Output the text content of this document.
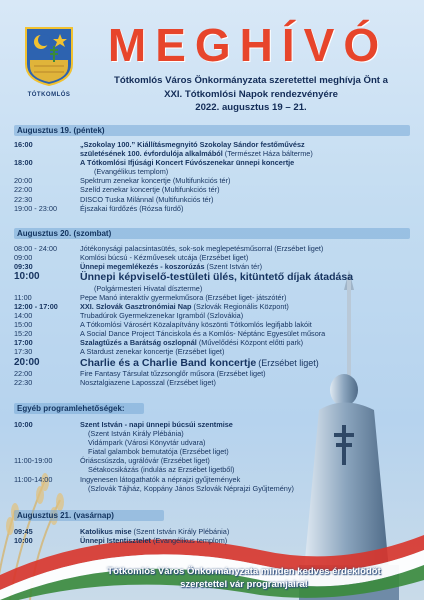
TÓTKOMLÓS
MEGHÍVÓ
Tótkomlós Város Önkormányzata szeretettel meghívja Önt a
XXI. Tótkomlósi Napok rendezvényére
2022. augusztus 19 – 21.
Augusztus 19. (péntek)
16:00	„Szokolay 100.” Kiállításmegnyitó Szokolay Sándor festőművész
születésének 100. évfordulója alkalmából (Természet Háza bálterme)
18:00	A Tótkomlósi Ifjúsági Koncert Fúvószenekar ünnepi koncertje
(Evangélikus templom)
20:00	Spektrum zenekar koncertje (Multifunkciós tér)
22:00	Szelíd zenekar koncertje (Multifunkciós tér)
22:30	DISCO Tuska Milánnal (Multifunkciós tér)
19:00 - 23:00	Éjszakai fürdőzés (Rózsa fürdő)
Augusztus 20. (szombat)
08:00 - 24:00	Jótékonysági palacsintasütés, sok-sok meglepetésműsorral (Erzsébet liget)
09:00	Komlósi búcsú - Kézművesek utcája (Erzsébet liget)
09:30	Ünnepi megemlékezés - koszorúzás (Szent István tér)
10:00	Ünnepi képviselő-testületi ülés, kitüntető díjak átadása
(Polgármesteri Hivatal díszterme)
11:00	Pepe Manó interaktív gyermekműsora (Erzsébet liget- játszótér)
12:00 - 17:00	XXI. Szlovák Gasztronómiai Nap (Szlovák Regionális Központ)
14:00	Trubadúrok Gyermekzenekar Igramból (Szlovákia)
15:00	A Tótkomlósi Városért Közalapítvány köszönti Tótkomlós legifjabb lakóit
15:20	A Social Dance Project Tánciskola és a Komlós- Néptánc Egyesület műsora
17:00	Szalagtűzés a Barátság oszlopnál (Művelődési Központ előtti park)
17:30	A Stardust zenekar koncertje (Erzsébet liget)
20:00	Charlie és a Charlie Band koncertje (Erzsébet liget)
22:00	Fire Fantasy Társulat tűzzsonglőr műsora (Erzsébet liget)
22:30	Nosztalgiazene Laposszal (Erzsébet liget)
Egyéb programlehetőségek:
10:00	Szent István - napi ünnepi búcsúi szentmise
(Szent István Király Plébánia)
Vidámpark (Városi Könyvtár udvara)
Fiatal galambok bemutatója (Erzsébet liget)
11:00-19:00	Óriáscsúszda, ugrálóvár (Erzsébet liget)
Sétakocsikázás (indulás az Erzsébet ligetből)
11:00-14:00	Ingyenesen látogathatók a néprajzi gyűjtemények
(Szlovák Tájház, Koppány János Szlovák Néprajzi Gyűjtemény)
Augusztus 21. (vasárnap)
09:45	Katolikus mise (Szent István Király Plébánia)
10:00	Ünnepi Istentisztelet (Evangélikus templom)
Tótkomlós Város Önkormányzata minden kedves érdeklődőt
szeretettel vár programjaira!
